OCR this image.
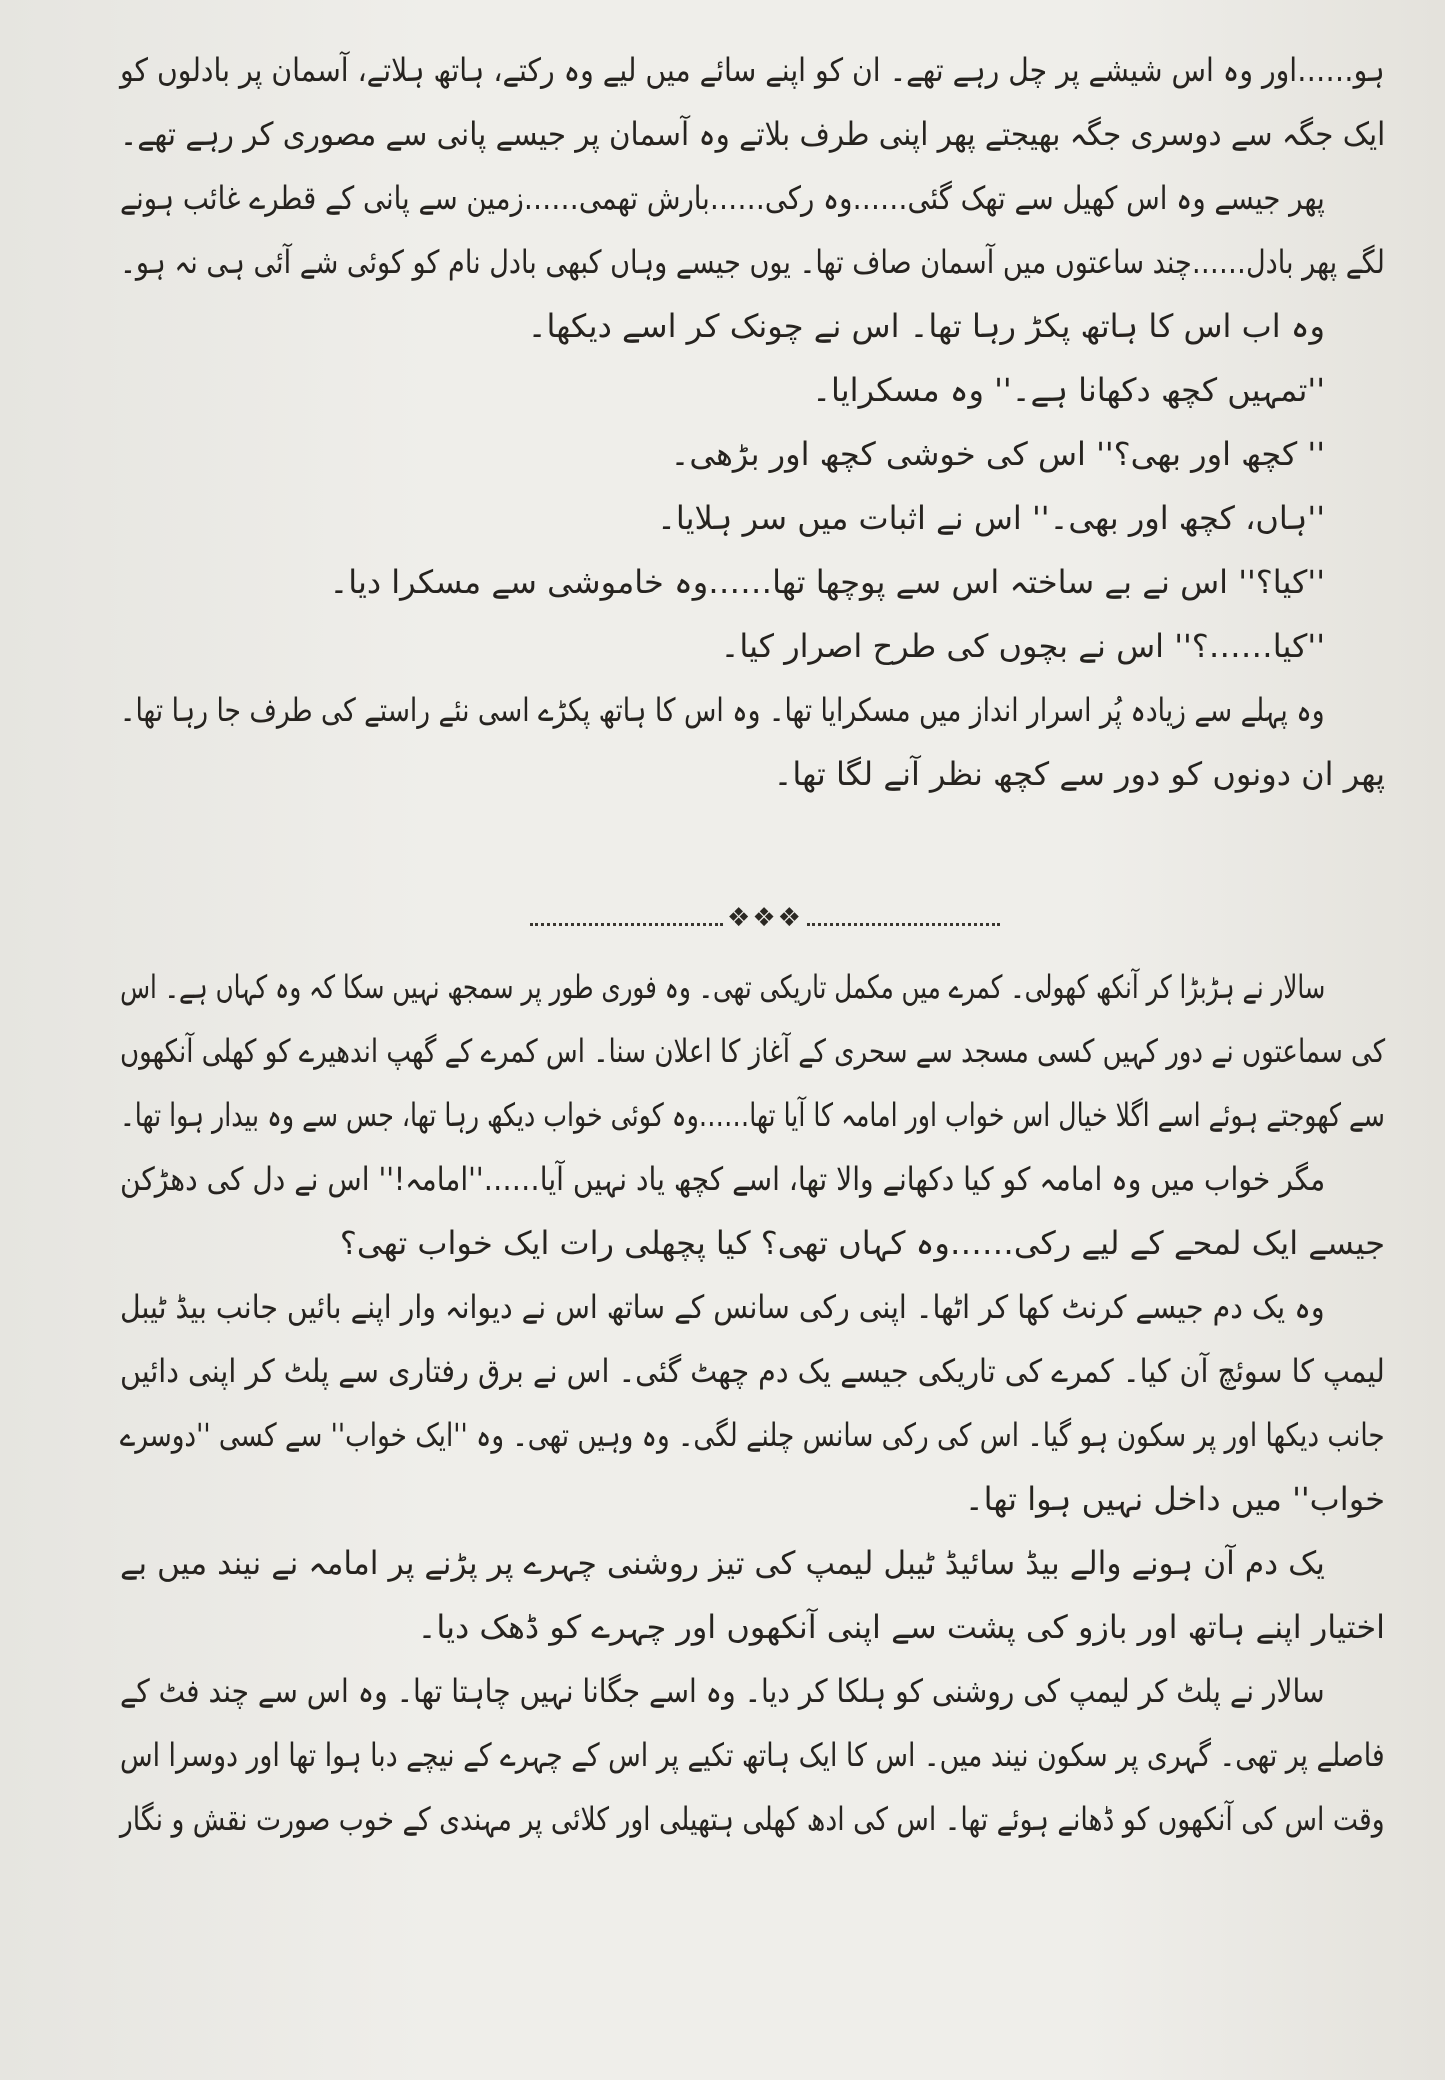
ہو……اور وہ اس شیشے پر چل رہے تھے۔ ان کو اپنے سائے میں لیے وہ رکتے، ہاتھ ہلاتے، آسمان پر بادلوں کو

ایک جگہ سے دوسری جگہ بھیجتے پھر اپنی طرف بلاتے وہ آسمان پر جیسے پانی سے مصوری کر رہے تھے۔

پھر جیسے وہ اس کھیل سے تھک گئی……وہ رکی……بارش تھمی……زمین سے پانی کے قطرے غائب ہونے

لگے پھر بادل……چند ساعتوں میں آسمان صاف تھا۔ یوں جیسے وہاں کبھی بادل نام کو کوئی شے آئی ہی نہ ہو۔

وہ اب اس کا ہاتھ پکڑ رہا تھا۔ اس نے چونک کر اسے دیکھا۔

''تمہیں کچھ دکھانا ہے۔'' وہ مسکرایا۔

'' کچھ اور بھی؟'' اس کی خوشی کچھ اور بڑھی۔

''ہاں، کچھ اور بھی۔'' اس نے اثبات میں سر ہلایا۔

''کیا؟'' اس نے بے ساختہ اس سے پوچھا تھا……وہ خاموشی سے مسکرا دیا۔

''کیا……؟'' اس نے بچوں کی طرح اصرار کیا۔

وہ پہلے سے زیادہ پُر اسرار انداز میں مسکرایا تھا۔ وہ اس کا ہاتھ پکڑے اسی نئے راستے کی طرف جا رہا تھا۔

پھر ان دونوں کو دور سے کچھ نظر آنے لگا تھا۔

❖❖❖

سالار نے ہڑبڑا کر آنکھ کھولی۔ کمرے میں مکمل تاریکی تھی۔ وہ فوری طور پر سمجھ نہیں سکا کہ وہ کہاں ہے۔ اس

کی سماعتوں نے دور کہیں کسی مسجد سے سحری کے آغاز کا اعلان سنا۔ اس کمرے کے گھپ اندھیرے کو کھلی آنکھوں

سے کھوجتے ہوئے اسے اگلا خیال اس خواب اور امامہ کا آیا تھا……وہ کوئی خواب دیکھ رہا تھا، جس سے وہ بیدار ہوا تھا۔

مگر خواب میں وہ امامہ کو کیا دکھانے والا تھا، اسے کچھ یاد نہیں آیا……''امامہ!'' اس نے دل کی دھڑکن

جیسے ایک لمحے کے لیے رکی……وہ کہاں تھی؟ کیا پچھلی رات ایک خواب تھی؟

وہ یک دم جیسے کرنٹ کھا کر اٹھا۔ اپنی رکی سانس کے ساتھ اس نے دیوانہ وار اپنے بائیں جانب بیڈ ٹیبل

لیمپ کا سوئچ آن کیا۔ کمرے کی تاریکی جیسے یک دم چھٹ گئی۔ اس نے برق رفتاری سے پلٹ کر اپنی دائیں

جانب دیکھا اور پر سکون ہو گیا۔ اس کی رکی سانس چلنے لگی۔ وہ وہیں تھی۔ وہ ''ایک خواب'' سے کسی ''دوسرے

خواب'' میں داخل نہیں ہوا تھا۔

یک دم آن ہونے والے بیڈ سائیڈ ٹیبل لیمپ کی تیز روشنی چہرے پر پڑنے پر امامہ نے نیند میں بے

اختیار اپنے ہاتھ اور بازو کی پشت سے اپنی آنکھوں اور چہرے کو ڈھک دیا۔

سالار نے پلٹ کر لیمپ کی روشنی کو ہلکا کر دیا۔ وہ اسے جگانا نہیں چاہتا تھا۔ وہ اس سے چند فٹ کے

فاصلے پر تھی۔ گہری پر سکون نیند میں۔ اس کا ایک ہاتھ تکیے پر اس کے چہرے کے نیچے دبا ہوا تھا اور دوسرا اس

وقت اس کی آنکھوں کو ڈھانے ہوئے تھا۔ اس کی ادھ کھلی ہتھیلی اور کلائی پر مہندی کے خوب صورت نقش و نگار
